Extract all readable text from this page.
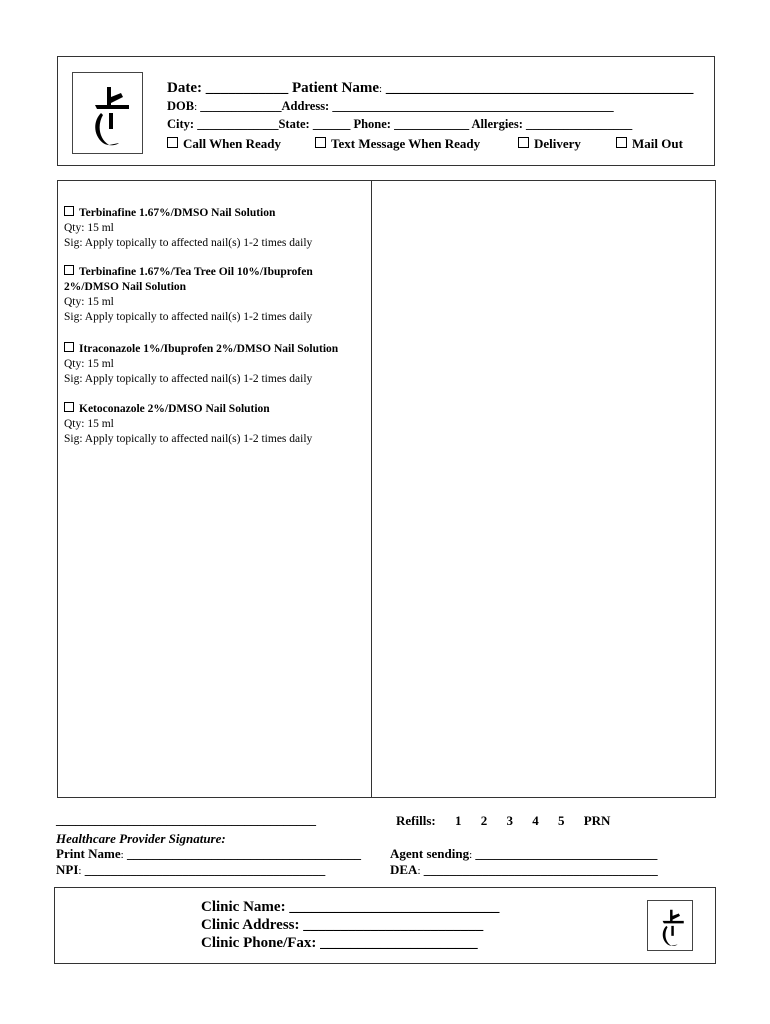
Date: ___________ Patient Name: _________________________________________
DOB: _____________Address: _____________________________________________
City: _____________State: ______ Phone: ____________ Allergies: _________________
Call When Ready	Text Message When Ready	Delivery	Mail Out
Terbinafine 1.67%/DMSO Nail Solution
Qty: 15 ml
Sig: Apply topically to affected nail(s) 1-2 times daily
Terbinafine 1.67%/Tea Tree Oil 10%/Ibuprofen
2%/DMSO Nail Solution
Qty: 15 ml
Sig: Apply topically to affected nail(s) 1-2 times daily
Itraconazole 1%/Ibuprofen 2%/DMSO Nail Solution
Qty: 15 ml
Sig: Apply topically to affected nail(s) 1-2 times daily
Ketoconazole 2%/DMSO Nail Solution
Qty: 15 ml
Sig: Apply topically to affected nail(s) 1-2 times daily
________________________________________	Refills: 1 2 3 4 5 PRN
Healthcare Provider Signature:
Print Name: ____________________________________ Agent sending: ____________________________
NPI: _____________________________________	DEA: ____________________________________
Clinic Name: ____________________________
Clinic Address: ________________________
Clinic Phone/Fax: _____________________
